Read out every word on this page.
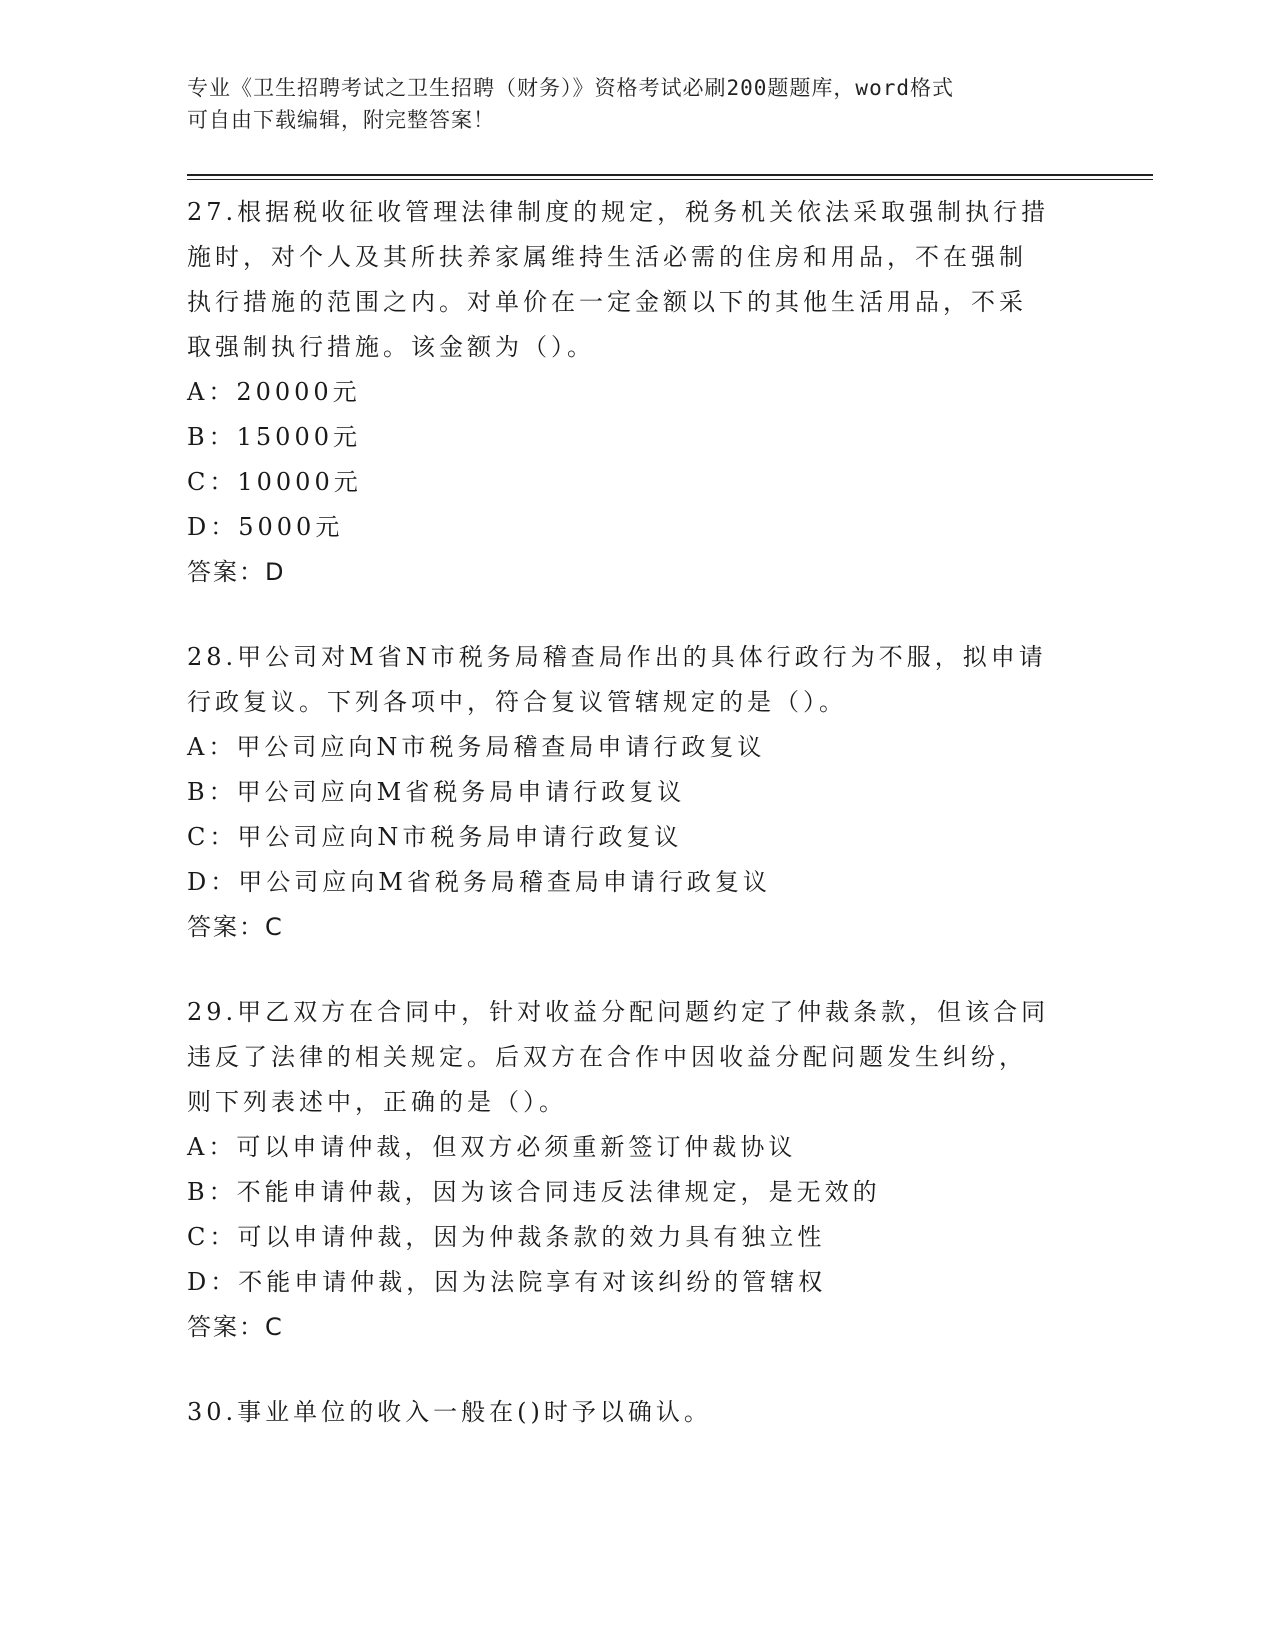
专业《卫生招聘考试之卫生招聘（财务）》资格考试必刷200题题库，word格式
可自由下载编辑，附完整答案！
27.根据税收征收管理法律制度的规定，税务机关依法采取强制执行措
施时，对个人及其所扶养家属维持生活必需的住房和用品，不在强制
执行措施的范围之内。对单价在一定金额以下的其他生活用品，不采
取强制执行措施。该金额为（）。
A：20000元
B：15000元
C：10000元
D：5000元
答案：D
28.甲公司对M省N市税务局稽查局作出的具体行政行为不服，拟申请
行政复议。下列各项中，符合复议管辖规定的是（）。
A：甲公司应向N市税务局稽查局申请行政复议
B：甲公司应向M省税务局申请行政复议
C：甲公司应向N市税务局申请行政复议
D：甲公司应向M省税务局稽查局申请行政复议
答案：C
29.甲乙双方在合同中，针对收益分配问题约定了仲裁条款，但该合同
违反了法律的相关规定。后双方在合作中因收益分配问题发生纠纷，
则下列表述中，正确的是（）。
A：可以申请仲裁，但双方必须重新签订仲裁协议
B：不能申请仲裁，因为该合同违反法律规定，是无效的
C：可以申请仲裁，因为仲裁条款的效力具有独立性
D：不能申请仲裁，因为法院享有对该纠纷的管辖权
答案：C
30.事业单位的收入一般在()时予以确认。
